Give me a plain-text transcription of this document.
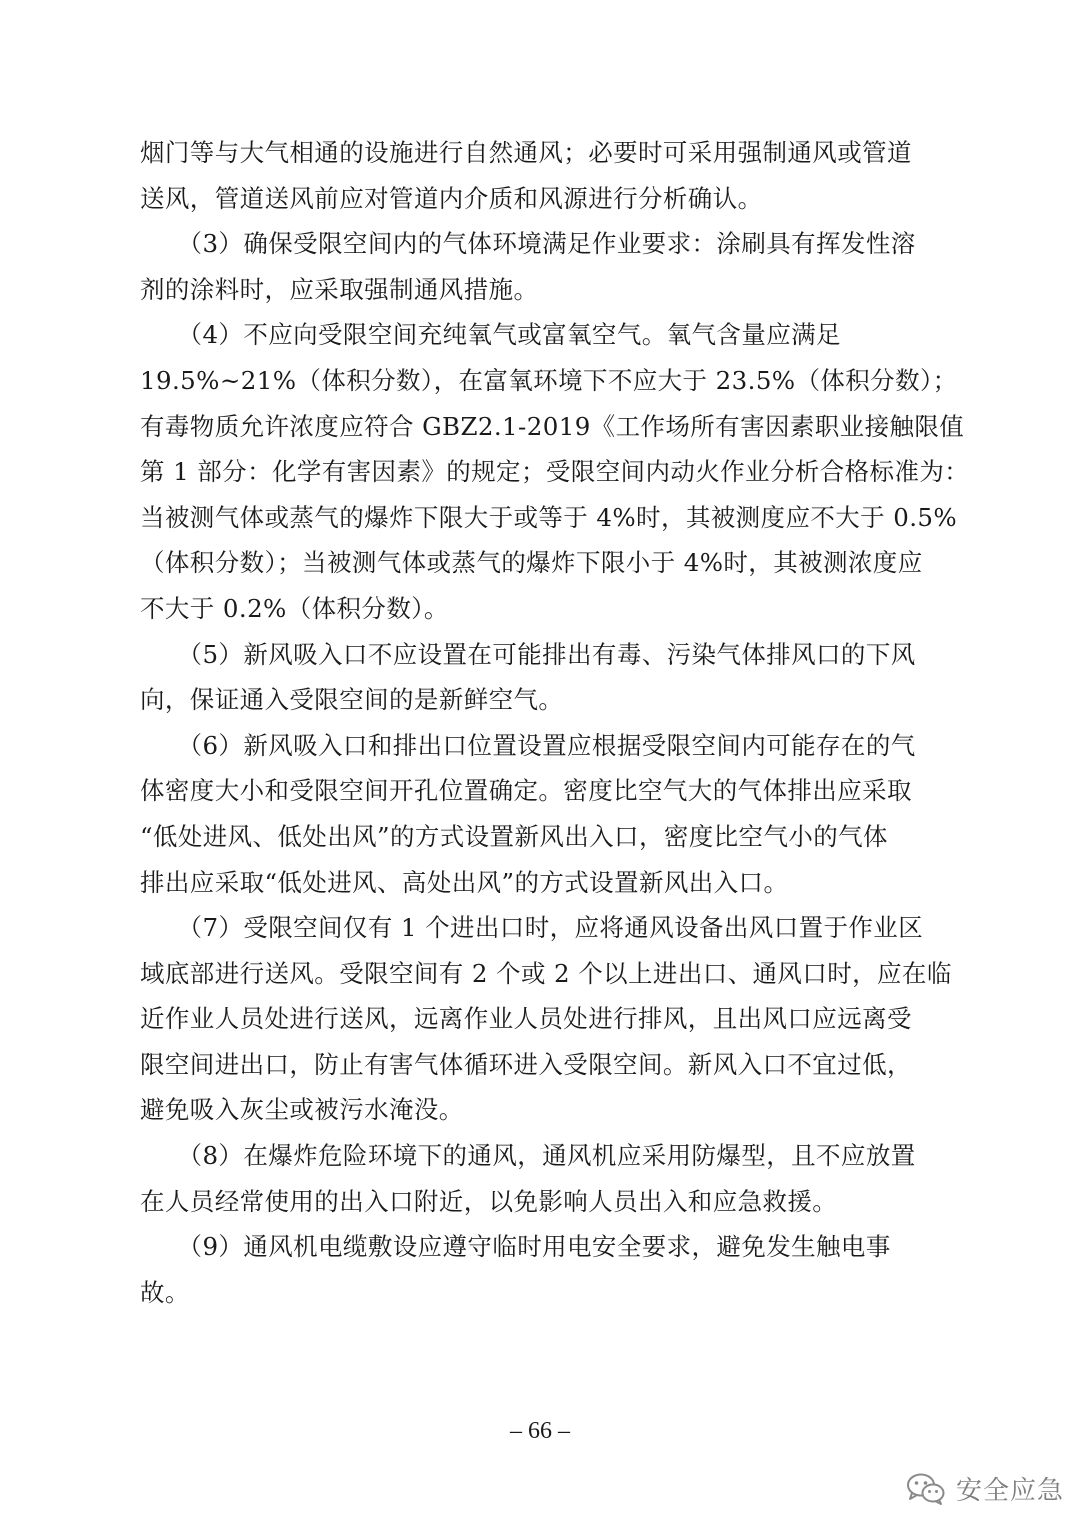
烟门等与大气相通的设施进行自然通风；必要时可采用强制通风或管道
送风，管道送风前应对管道内介质和风源进行分析确认。
　　（3）确保受限空间内的气体环境满足作业要求：涂刷具有挥发性溶
剂的涂料时，应采取强制通风措施。
　　（4）不应向受限空间充纯氧气或富氧空气。氧气含量应满足
19.5%~21%（体积分数），在富氧环境下不应大于 23.5%（体积分数）；
有毒物质允许浓度应符合 GBZ2.1-2019《工作场所有害因素职业接触限值
第 1 部分：化学有害因素》的规定；受限空间内动火作业分析合格标准为：
当被测气体或蒸气的爆炸下限大于或等于 4%时，其被测度应不大于 0.5%
（体积分数）；当被测气体或蒸气的爆炸下限小于 4%时，其被测浓度应
不大于 0.2%（体积分数）。
　　（5）新风吸入口不应设置在可能排出有毒、污染气体排风口的下风
向，保证通入受限空间的是新鲜空气。
　　（6）新风吸入口和排出口位置设置应根据受限空间内可能存在的气
体密度大小和受限空间开孔位置确定。密度比空气大的气体排出应采取
“低处进风、低处出风”的方式设置新风出入口，密度比空气小的气体
排出应采取“低处进风、高处出风”的方式设置新风出入口。
　　（7）受限空间仅有 1 个进出口时，应将通风设备出风口置于作业区
域底部进行送风。受限空间有 2 个或 2 个以上进出口、通风口时，应在临
近作业人员处进行送风，远离作业人员处进行排风，且出风口应远离受
限空间进出口，防止有害气体循环进入受限空间。新风入口不宜过低，
避免吸入灰尘或被污水淹没。
　　（8）在爆炸危险环境下的通风，通风机应采用防爆型，且不应放置
在人员经常使用的出入口附近，以免影响人员出入和应急救援。
　　（9）通风机电缆敷设应遵守临时用电安全要求，避免发生触电事
故。
– 66 –
安全应急
